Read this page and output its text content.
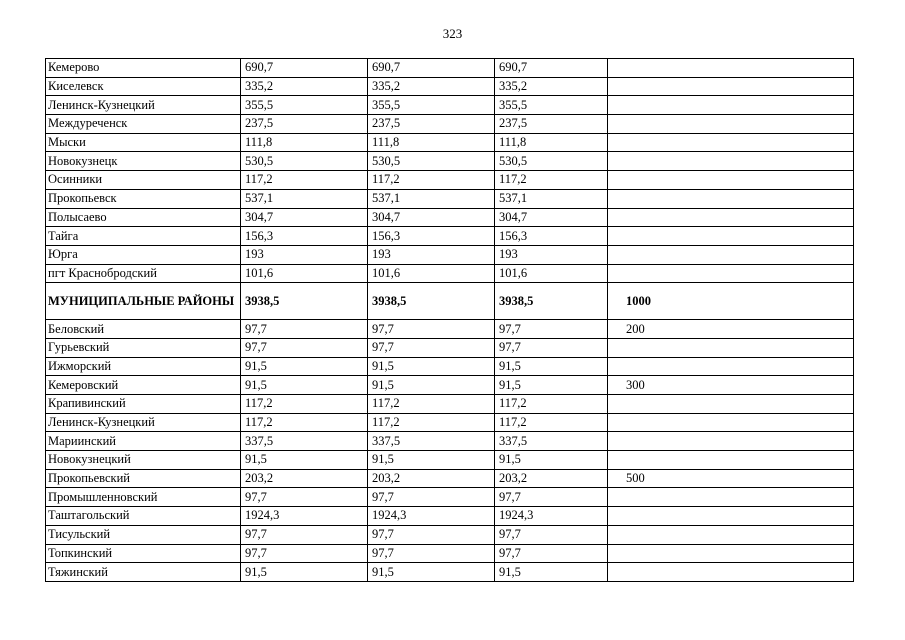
323
Кемерово	690,7	690,7	690,7	
Киселевск	335,2	335,2	335,2	
Ленинск-Кузнецкий	355,5	355,5	355,5	
Междуреченск	237,5	237,5	237,5	
Мыски	111,8	111,8	111,8	
Новокузнецк	530,5	530,5	530,5	
Осинники	117,2	117,2	117,2	
Прокопьевск	537,1	537,1	537,1	
Полысаево	304,7	304,7	304,7	
Тайга	156,3	156,3	156,3	
Юрга	193	193	193	
пгт Краснобродский	101,6	101,6	101,6	
МУНИЦИПАЛЬНЫЕ РАЙОНЫ	3938,5	3938,5	3938,5	1000
Беловский	97,7	97,7	97,7	200
Гурьевский	97,7	97,7	97,7	
Ижморский	91,5	91,5	91,5	
Кемеровский	91,5	91,5	91,5	300
Крапивинский	117,2	117,2	117,2	
Ленинск-Кузнецкий	117,2	117,2	117,2	
Мариинский	337,5	337,5	337,5	
Новокузнецкий	91,5	91,5	91,5	
Прокопьевский	203,2	203,2	203,2	500
Промышленновский	97,7	97,7	97,7	
Таштагольский	1924,3	1924,3	1924,3	
Тисульский	97,7	97,7	97,7	
Топкинский	97,7	97,7	97,7	
Тяжинский	91,5	91,5	91,5	
